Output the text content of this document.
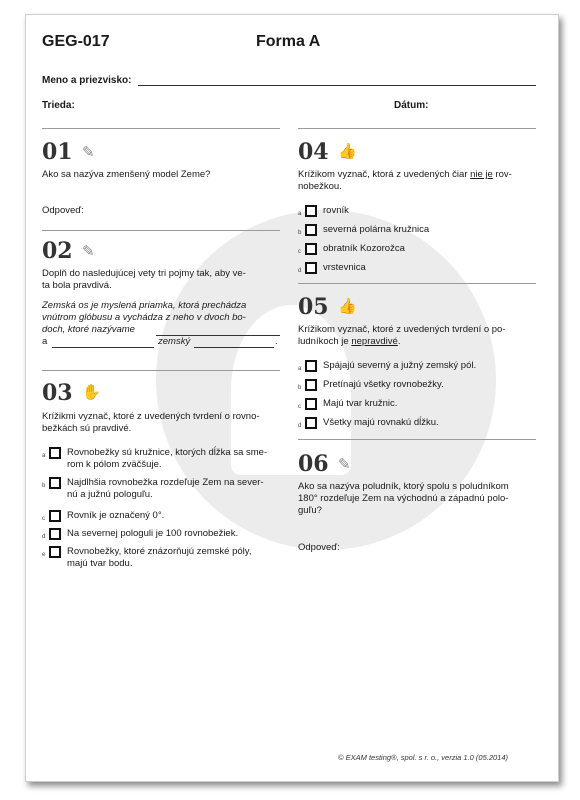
GEG-017	Forma A
Meno a priezvisko:
Trieda:	Dátum:
01 ✎
Ako sa nazýva zmenšený model Zeme?
Odpoveď:
02 ✎
Doplň do nasledujúcej vety tri pojmy tak, aby ve-
ta bola pravdivá.
Zemská os je myslená priamka, ktorá prechádza
vnútrom glóbusu a vychádza z neho v dvoch bo-
doch, ktoré nazývame
a	zemský	.
03 ✋
Krížikmi vyznač, ktoré z uvedených tvrdení o rovno-
bežkách sú pravdivé.
a	Rovnobežky sú kružnice, ktorých dĺžka sa sme-
rom k pólom zväčšuje.
b	Najdlhšia rovnobežka rozdeľuje Zem na sever-
nú a južnú pologuľu.
c	Rovník je označený 0°.
d	Na severnej pologuli je 100 rovnobežiek.
e	Rovnobežky, ktoré znázorňujú zemské póly,
majú tvar bodu.
04 👍
Krížikom vyznač, ktorá z uvedených čiar nie je rov-
nobežkou.
a	rovník
b	severná polárna kružnica
c	obratník Kozorožca
d	vrstevnica
05 👍
Krížikom vyznač, ktoré z uvedených tvrdení o po-
ludníkoch je nepravdivé.
a	Spájajú severný a južný zemský pól.
b	Pretínajú všetky rovnobežky.
c	Majú tvar kružnic.
d	Všetky majú rovnakú dĺžku.
06 ✎
Ako sa nazýva poludník, ktorý spolu s poludníkom
180° rozdeľuje Zem na východnú a západnú polo-
guľu?
Odpoveď:
© EXAM testing®, spol. s r. o., verzia 1.0 (05.2014)
